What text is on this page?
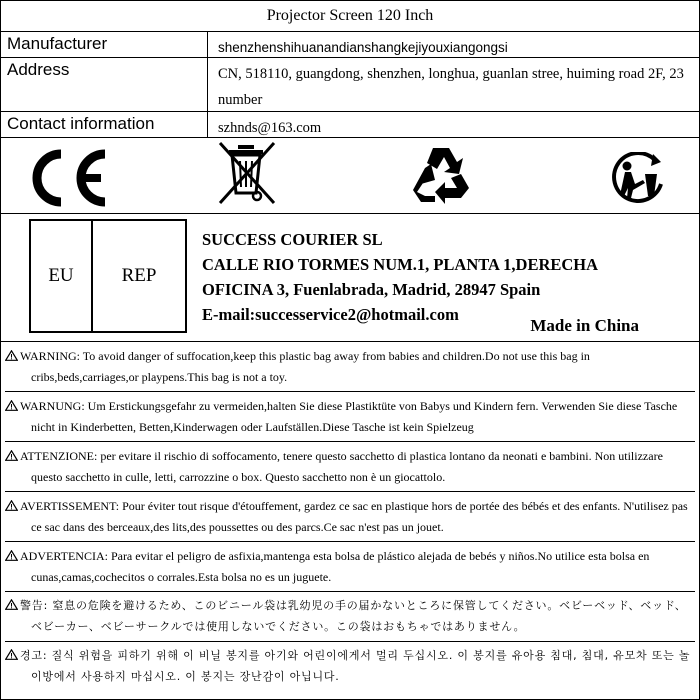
Projector Screen 120 Inch
Manufacturer	shenzhenshihuanandianshangkejiyouxiangongsi
Address	CN, 518110, guangdong, shenzhen, longhua, guanlan stree, huiming road 2F, 23 number
Contact information	szhnds@163.com
EU	REP
SUCCESS COURIER SL
CALLE RIO TORMES NUM.1, PLANTA 1,DERECHA
OFICINA 3, Fuenlabrada, Madrid, 28947 Spain
E-mail:successervice2@hotmail.com
Made in China
WARNING: To avoid danger of suffocation,keep this plastic bag away from babies and children.Do not use this bag in cribs,beds,carriages,or playpens.This bag is not a toy.
WARNUNG: Um Erstickungsgefahr zu vermeiden,halten Sie diese Plastiktüte von Babys und Kindern fern. Verwenden Sie diese Tasche nicht in Kinderbetten, Betten,Kinderwagen oder Laufställen.Diese Tasche ist kein Spielzeug
ATTENZIONE: per evitare il rischio di soffocamento, tenere questo sacchetto di plastica lontano da neonati e bambini. Non utilizzare questo sacchetto in culle, letti, carrozzine o box. Questo sacchetto non è un giocattolo.
AVERTISSEMENT: Pour éviter tout risque d'étouffement, gardez ce sac en plastique hors de portée des bébés et des enfants. N'utilisez pas ce sac dans des berceaux,des lits,des poussettes ou des parcs.Ce sac n'est pas un jouet.
ADVERTENCIA: Para evitar el peligro de asfixia,mantenga esta bolsa de plástico alejada de bebés y niños.No utilice esta bolsa en cunas,camas,cochecitos o corrales.Esta bolsa no es un juguete.
警告: 窒息の危険を避けるため、このビニール袋は乳幼児の手の届かないところに保管してください。ベビーベッド、ベッド、ベビーカー、ベビーサークルでは使用しないでください。この袋はおもちゃではありません。
경고: 질식 위험을 피하기 위해 이 비닐 봉지를 아기와 어린이에게서 멀리 두십시오. 이 봉지를 유아용 침대, 침대, 유모차 또는 놀이방에서 사용하지 마십시오. 이 봉지는 장난감이 아닙니다.
